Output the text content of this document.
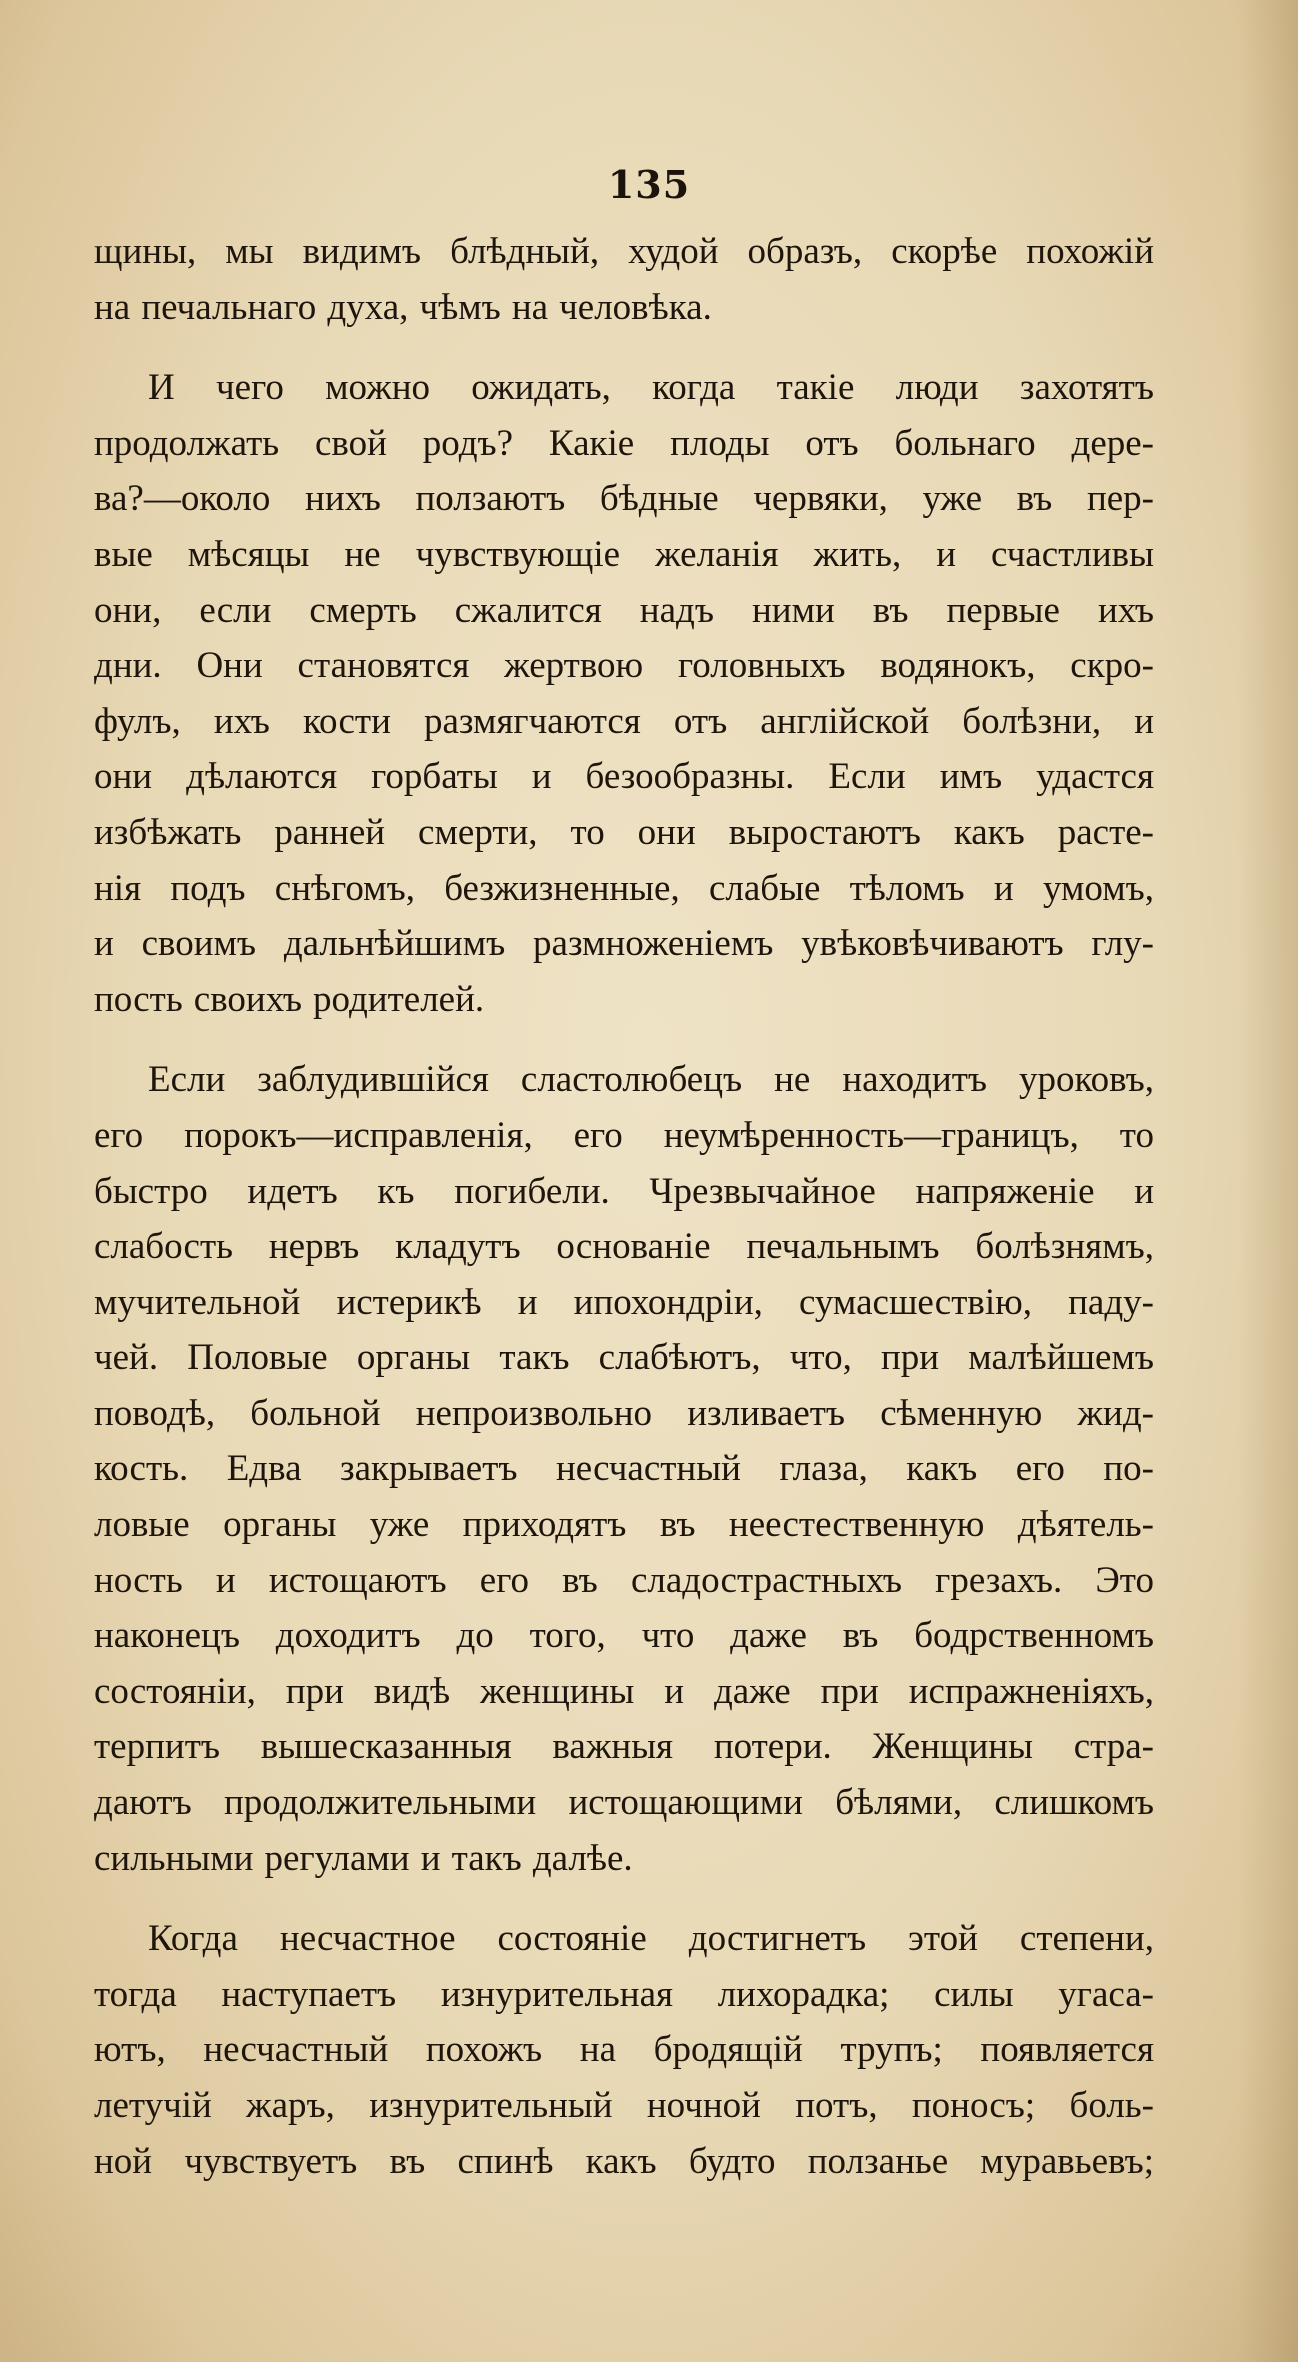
135

щины, мы видимъ блѣдный, худой образъ, скорѣе похожій
на печальнаго духа, чѣмъ на человѣка.

И чего можно ожидать, когда такіе люди захотятъ
продолжать свой родъ? Какіе плоды отъ больнаго дере-
ва?—около нихъ ползаютъ бѣдные червяки, уже въ пер-
вые мѣсяцы не чувствующіе желанія жить, и счастливы
они, если смерть сжалится надъ ними въ первые ихъ
дни. Они становятся жертвою головныхъ водянокъ, скро-
фулъ, ихъ кости размягчаются отъ англійской болѣзни, и
они дѣлаются горбаты и безообразны. Если имъ удастся
избѣжать ранней смерти, то они выростаютъ какъ расте-
нія подъ снѣгомъ, безжизненные, слабые тѣломъ и умомъ,
и своимъ дальнѣйшимъ размноженіемъ увѣковѣчиваютъ глу-
пость своихъ родителей.

Если заблудившійся сластолюбецъ не находитъ уроковъ,
его порокъ—исправленія, его неумѣренность—границъ, то
быстро идетъ къ погибели. Чрезвычайное напряженіе и
слабость нервъ кладутъ основаніе печальнымъ болѣзнямъ,
мучительной истерикѣ и ипохондріи, сумасшествію, паду-
чей. Половые органы такъ слабѣютъ, что, при малѣйшемъ
поводѣ, больной непроизвольно изливаетъ сѣменную жид-
кость. Едва закрываетъ несчастный глаза, какъ его по-
ловые органы уже приходятъ въ неестественную дѣятель-
ность и истощаютъ его въ сладострастныхъ грезахъ. Это
наконецъ доходитъ до того, что даже въ бодрственномъ
состояніи, при видѣ женщины и даже при испражненіяхъ,
терпитъ вышесказанныя важныя потери. Женщины стра-
даютъ продолжительными истощающими бѣлями, слишкомъ
сильными регулами и такъ далѣе.

Когда несчастное состояніе достигнетъ этой степени,
тогда наступаетъ изнурительная лихорадка; силы угаса-
ютъ, несчастный похожъ на бродящій трупъ; появляется
летучій жаръ, изнурительный ночной потъ, поносъ; боль-
ной чувствуетъ въ спинѣ какъ будто ползанье муравьевъ;
